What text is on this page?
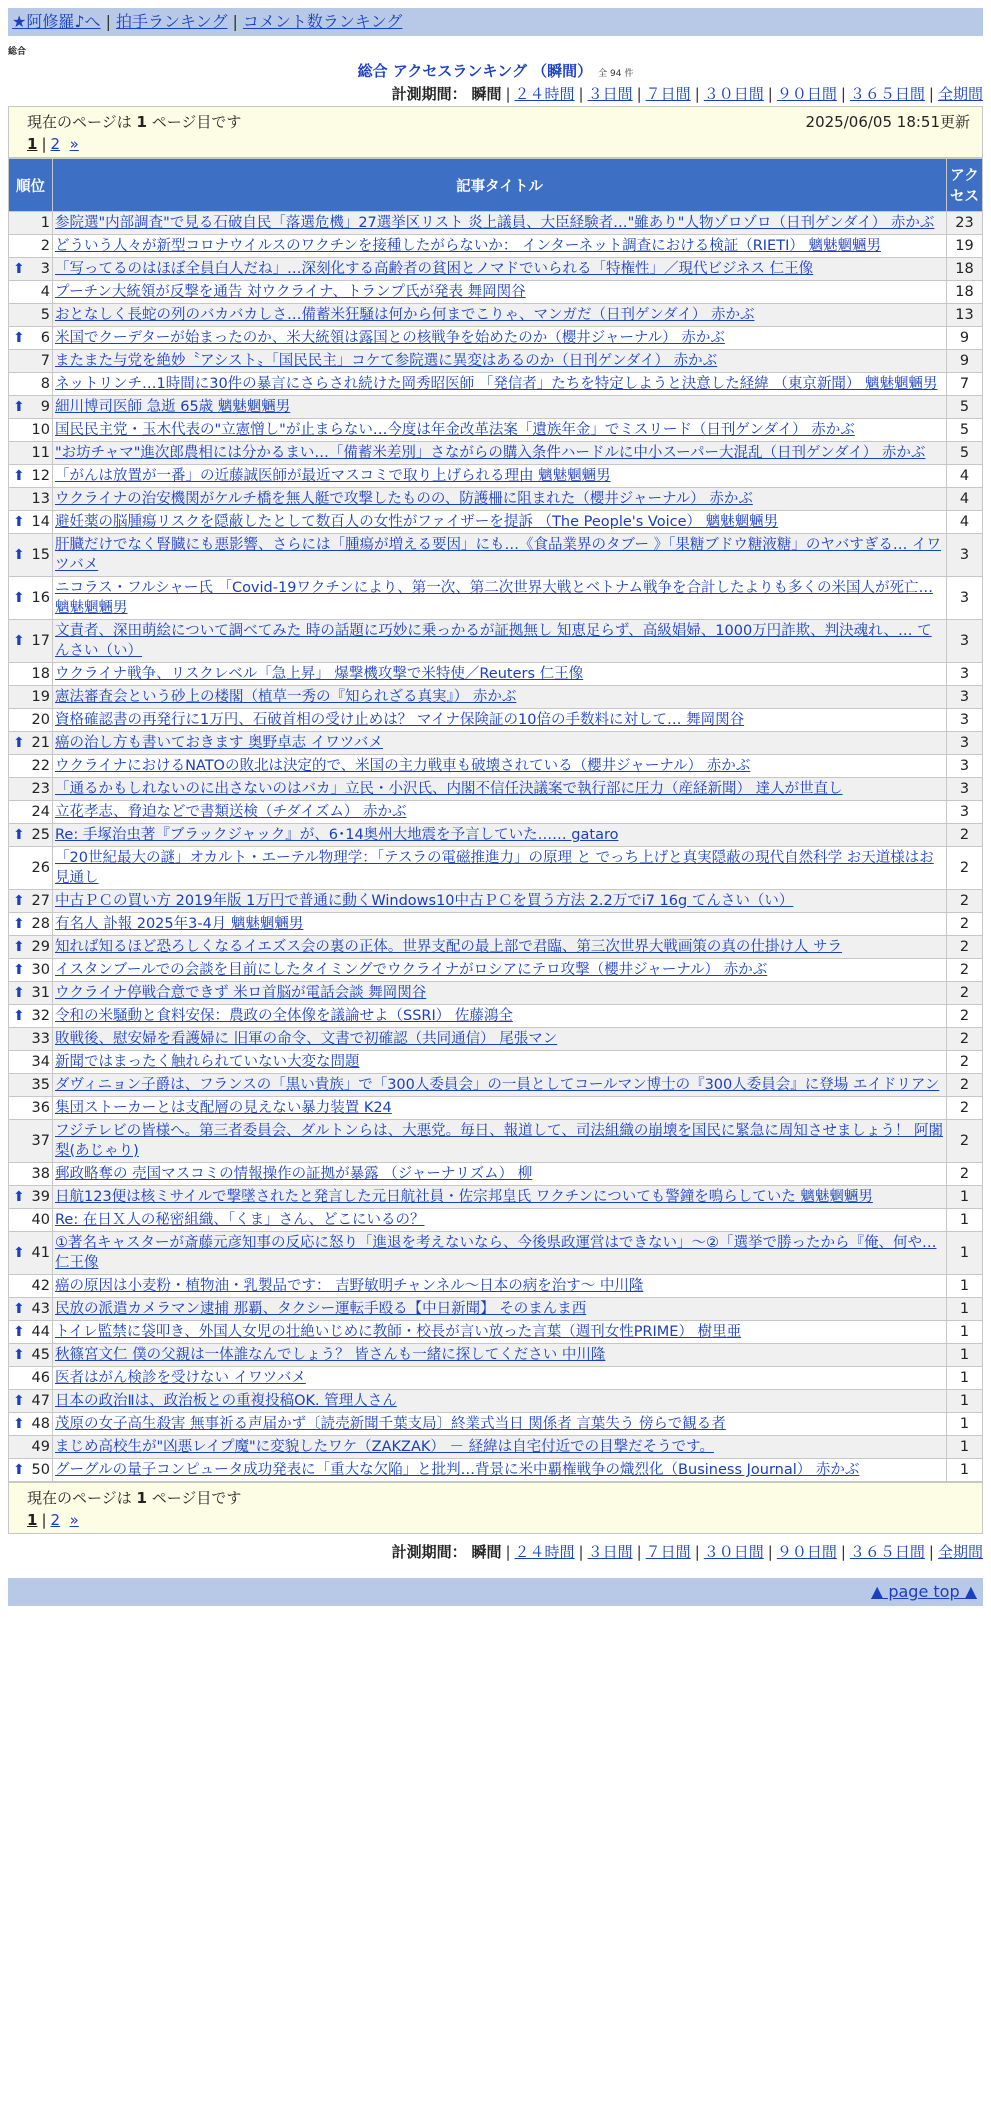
★阿修羅♪へ | 拍手ランキング | コメント数ランキング
総合
総合 アクセスランキング （瞬間） 全 94 件
計測期間： 瞬間 | ２４時間 | ３日間 | ７日間 | ３０日間 | ９０日間 | ３６５日間 | 全期間
現在のページは 1 ページ目です	2025/06/05 18:51更新
1 | 2 »
順位	記事タイトル	アクセス
1	参院選"内部調査"で見る石破自民「落選危機」27選挙区リスト 炎上議員、大臣経験者…"雖あり"人物ゾロゾロ（日刊ゲンダイ） 赤かぶ	23
2	どういう人々が新型コロナウイルスのワクチンを接種したがらないか： インターネット調査における検証（RIETI） 魑魅魍魎男	19

⬆ 3	「写ってるのはほぼ全員白人だね」…深刻化する高齢者の貧困とノマドでいられる「特権性」／現代ビジネス 仁王像	18
4	プーチン大統領が反撃を通告 対ウクライナ、トランプ氏が発表 舞岡関谷	18
5	おとなしく長蛇の列のバカバカしさ…備蓄米狂騒は何から何までこりゃ、マンガだ（日刊ゲンダイ） 赤かぶ	13

⬆ 6	米国でクーデターが始まったのか、米大統領は露国との核戦争を始めたのか（櫻井ジャーナル） 赤かぶ	9
7	またまた与党を絶妙〝アシスト〟「国民民主」コケて参院選に異変はあるのか（日刊ゲンダイ） 赤かぶ	9
8	ネットリンチ…1時間に30件の暴言にさらされ続けた岡秀昭医師 「発信者」たちを特定しようと決意した経緯 （東京新聞） 魑魅魍魎男	7

⬆ 9	細川博司医師 急逝 65歳 魑魅魍魎男	5
10	国民民主党・玉木代表の"立憲憎し"が止まらない…今度は年金改革法案「遺族年金」でミスリード（日刊ゲンダイ） 赤かぶ	5
11	"お坊チャマ"進次郎農相には分かるまい…「備蓄米差別」さながらの購入条件ハードルに中小スーパー大混乱（日刊ゲンダイ） 赤かぶ	5

⬆ 12	「がんは放置が一番」の近藤誠医師が最近マスコミで取り上げられる理由 魑魅魍魎男	4
13	ウクライナの治安機関がケルチ橋を無人艇で攻撃したものの、防護柵に阻まれた（櫻井ジャーナル） 赤かぶ	4

⬆ 14	避妊薬の脳腫瘍リスクを隠蔽したとして数百人の女性がファイザーを提訴 （The People's Voice） 魑魅魍魎男	4

⬆ 15	肝臓だけでなく腎臓にも悪影響、さらには「腫瘍が増える要因」にも…《食品業界のタブー 》「果糖ブドウ糖液糖」のヤバすぎる… イワツバメ	3

⬆ 16	ニコラス・フルシャー氏 「Covid-19ワクチンにより、第一次、第二次世界大戦とベトナム戦争を合計したよりも多くの米国人が死亡…魑魅魍魎男	3

⬆ 17	文責者、深田萌絵について調べてみた 時の話題に巧妙に乗っかるが証拠無し 知恵足らず、高級娼婦、1000万円詐欺、判決魂れ、… てんさい（い）	3
18	ウクライナ戦争、リスクレベル「急上昇」 爆撃機攻撃で米特使／Reuters 仁王像	3
19	憲法審査会という砂上の楼閣（植草一秀の『知られざる真実』） 赤かぶ	3
20	資格確認書の再発行に1万円、石破首相の受け止めは？ マイナ保険証の10倍の手数料に対して… 舞岡関谷	3

⬆ 21	癌の治し方も書いておきます 奥野卓志 イワツバメ	3
22	ウクライナにおけるNATOの敗北は決定的で、米国の主力戦車も破壊されている（櫻井ジャーナル） 赤かぶ	3
23	「通るかもしれないのに出さないのはバカ」立民・小沢氏、内閣不信任決議案で執行部に圧力（産経新聞） 達人が世直し	3
24	立花孝志、脅迫などで書類送検（チダイズム） 赤かぶ	3

⬆ 25	Re: 手塚治虫著『ブラックジャック』が、6･14奥州大地震を予言していた…… gataro	2
26	「20世紀最大の謎」オカルト・エーテル物理学：「テスラの電磁推進力」の原理 と でっち上げと真実隠蔽の現代自然科学 お天道様はお見通し	2

⬆ 27	中古ＰＣの買い方 2019年版 1万円で普通に動くWindows10中古ＰＣを買う方法 2.2万でi7 16g てんさい（い）	2

⬆ 28	有名人 訃報 2025年3-4月 魑魅魍魎男	2

⬆ 29	知れば知るほど恐ろしくなるイエズス会の裏の正体。世界支配の最上部で君臨、第三次世界大戦画策の真の仕掛け人 サラ	2

⬆ 30	イスタンブールでの会談を目前にしたタイミングでウクライナがロシアにテロ攻撃（櫻井ジャーナル） 赤かぶ	2

⬆ 31	ウクライナ停戦合意できず 米ロ首脳が電話会談 舞岡関谷	2

⬆ 32	令和の米騒動と食料安保：農政の全体像を議論せよ（SSRI） 佐藤鴻全	2
33	敗戦後、慰安婦を看護婦に 旧軍の命令、文書で初確認（共同通信） 尾張マン	2
34	新聞ではまったく触れられていない大変な問題	2
35	ダヴィニョン子爵は、フランスの「黒い貴族」で「300人委員会」の一員としてコールマン博士の『300人委員会』に登場 エイドリアン	2
36	集団ストーカーとは支配層の見えない暴力装置 K24	2
37	フジテレビの皆様へ。第三者委員会、ダルトンらは、大悪党。毎日、報道して、司法組織の崩壊を国民に緊急に周知させましょう！ 阿闍梨(あじゃり)	2
38	郵政略奪の 売国マスコミの情報操作の証拠が暴露 （ジャーナリズム） 柳	2

⬆ 39	日航123便は核ミサイルで撃墜されたと発言した元日航社員・佐宗邦皇氏 ワクチンについても警鐘を鳴らしていた 魑魅魍魎男	1
40	Re: 在日Ｘ人の秘密組織、「くま」さん、どこにいるの？	1

⬆ 41	①著名キャスターが斎藤元彦知事の反応に怒り「進退を考えないなら、今後県政運営はできない」～②「選挙で勝ったから『俺、何や… 仁王像	1
42	癌の原因は小麦粉・植物油・乳製品です： 吉野敏明チャンネル～日本の病を治す～ 中川隆	1

⬆ 43	民放の派遣カメラマン逮捕 那覇、タクシー運転手殴る【中日新聞】 そのまんま西	1

⬆ 44	トイレ監禁に袋叩き、外国人女児の壮絶いじめに教師・校長が言い放った言葉（週刊女性PRIME） 樹里亜	1

⬆ 45	秋篠宮文仁 僕の父親は一体誰なんでしょう？ 皆さんも一緒に探してください 中川隆	1
46	医者はがん検診を受けない イワツバメ	1

⬆ 47	日本の政治Ⅱは、政治板との重複投稿OK. 管理人さん	1

⬆ 48	茂原の女子高生殺害 無事祈る声届かず〔読売新聞千葉支局〕終業式当日 関係者 言葉失う 傍らで観る者	1
49	まじめ高校生が"凶悪レイプ魔"に変貌したワケ（ZAKZAK） － 経緯は自宅付近での目撃だそうです。	1

⬆ 50	グーグルの量子コンピュータ成功発表に「重大な欠陥」と批判…背景に米中覇権戦争の熾烈化（Business Journal） 赤かぶ	1
現在のページは 1 ページ目です
1 | 2 »
計測期間： 瞬間 | ２４時間 | ３日間 | ７日間 | ３０日間 | ９０日間 | ３６５日間 | 全期間
▲ page top ▲
